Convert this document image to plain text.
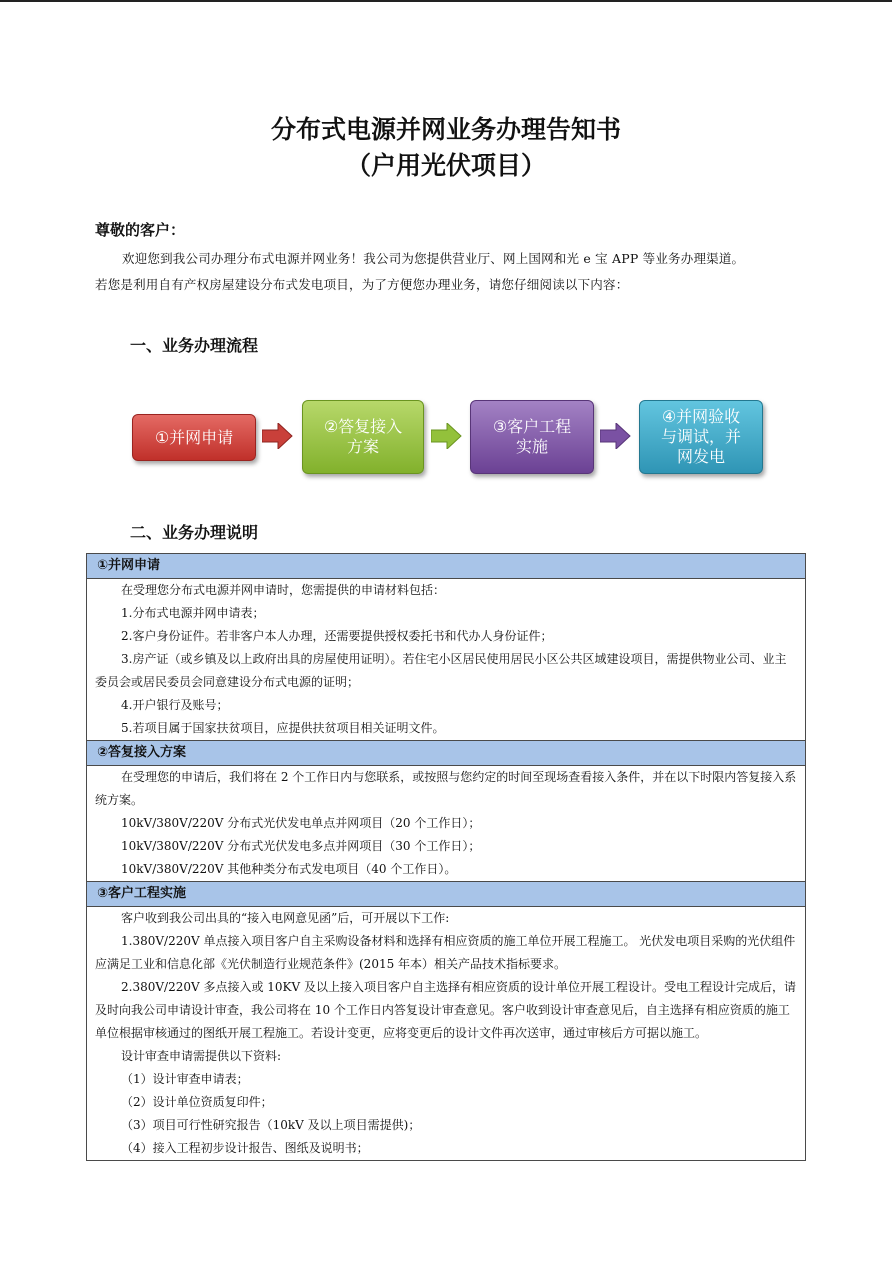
分布式电源并网业务办理告知书
（户用光伏项目）
尊敬的客户：

欢迎您到我公司办理分布式电源并网业务！我公司为您提供营业厅、网上国网和光 e 宝 APP 等业务办理渠道。

若您是利用自有产权房屋建设分布式发电项目，为了方便您办理业务，请您仔细阅读以下内容：

一、业务办理流程
①并网申请
②答复接入
方案
③客户工程
实施
④并网验收
与调试，并
网发电
二、业务办理说明
①并网申请

在受理您分布式电源并网申请时，您需提供的申请材料包括：

1.分布式电源并网申请表；

2.客户身份证件。若非客户本人办理，还需要提供授权委托书和代办人身份证件；

3.房产证（或乡镇及以上政府出具的房屋使用证明）。若住宅小区居民使用居民小区公共区域建设项目，需提供物业公司、业主委员会或居民委员会同意建设分布式电源的证明；

4.开户银行及账号；

5.若项目属于国家扶贫项目，应提供扶贫项目相关证明文件。

②答复接入方案

在受理您的申请后，我们将在 2 个工作日内与您联系，或按照与您约定的时间至现场查看接入条件，并在以下时限内答复接入系统方案。

10kV/380V/220V 分布式光伏发电单点并网项目（20 个工作日）；

10kV/380V/220V 分布式光伏发电多点并网项目（30 个工作日）；

10kV/380V/220V 其他种类分布式发电项目（40 个工作日）。

③客户工程实施

客户收到我公司出具的“接入电网意见函”后，可开展以下工作:

1.380V/220V 单点接入项目客户自主采购设备材料和选择有相应资质的施工单位开展工程施工。 光伏发电项目采购的光伏组件应满足工业和信息化部《光伏制造行业规范条件》(2015 年本）相关产品技术指标要求。

2.380V/220V 多点接入或 10KV 及以上接入项目客户自主选择有相应资质的设计单位开展工程设计。受电工程设计完成后，请及时向我公司申请设计审查，我公司将在 10 个工作日内答复设计审查意见。客户收到设计审查意见后，自主选择有相应资质的施工单位根据审核通过的图纸开展工程施工。若设计变更，应将变更后的设计文件再次送审，通过审核后方可据以施工。

设计审查申请需提供以下资料:

（1）设计审查申请表；

（2）设计单位资质复印件；

（3）项目可行性研究报告（10kV 及以上项目需提供)；

（4）接入工程初步设计报告、图纸及说明书；
